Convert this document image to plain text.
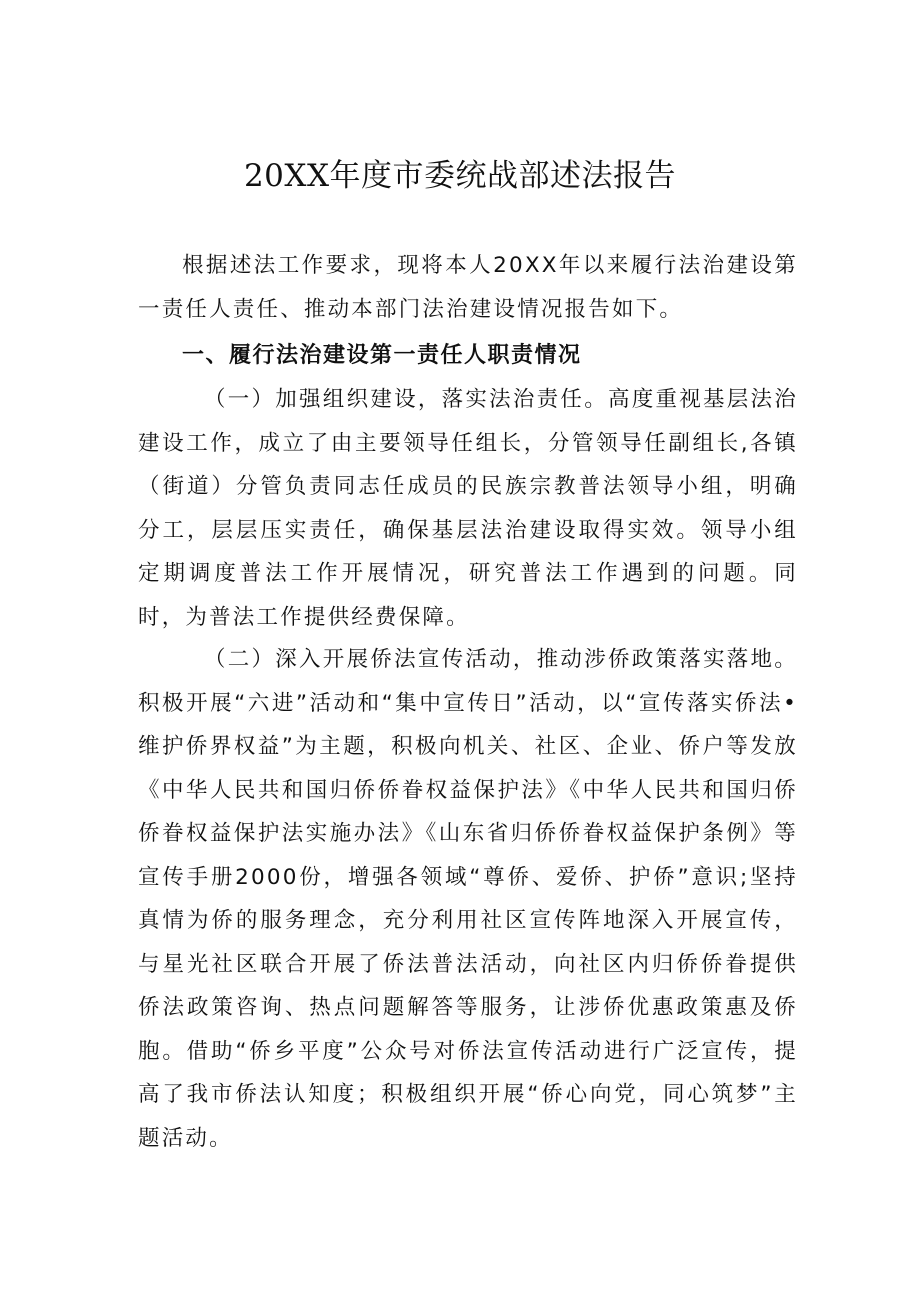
20XX年度市委统战部述法报告

根据述法工作要求，现将本人20XX年以来履行法治建设第一责任人责任、推动本部门法治建设情况报告如下。

一、履行法治建设第一责任人职责情况

（一）加强组织建设，落实法治责任。高度重视基层法治建设工作，成立了由主要领导任组长，分管领导任副组长,各镇（街道）分管负责同志任成员的民族宗教普法领导小组，明确分工，层层压实责任，确保基层法治建设取得实效。领导小组定期调度普法工作开展情况，研究普法工作遇到的问题。同时，为普法工作提供经费保障。

（二）深入开展侨法宣传活动，推动涉侨政策落实落地。积极开展“六进”活动和“集中宣传日”活动，以“宣传落实侨法•维护侨界权益”为主题，积极向机关、社区、企业、侨户等发放《中华人民共和国归侨侨眷权益保护法》《中华人民共和国归侨侨眷权益保护法实施办法》《山东省归侨侨眷权益保护条例》等宣传手册2000份，增强各领域“尊侨、爱侨、护侨”意识;坚持真情为侨的服务理念，充分利用社区宣传阵地深入开展宣传，与星光社区联合开展了侨法普法活动，向社区内归侨侨眷提供侨法政策咨询、热点问题解答等服务，让涉侨优惠政策惠及侨胞。借助“侨乡平度”公众号对侨法宣传活动进行广泛宣传，提高了我市侨法认知度；积极组织开展“侨心向党，同心筑梦”主题活动。
